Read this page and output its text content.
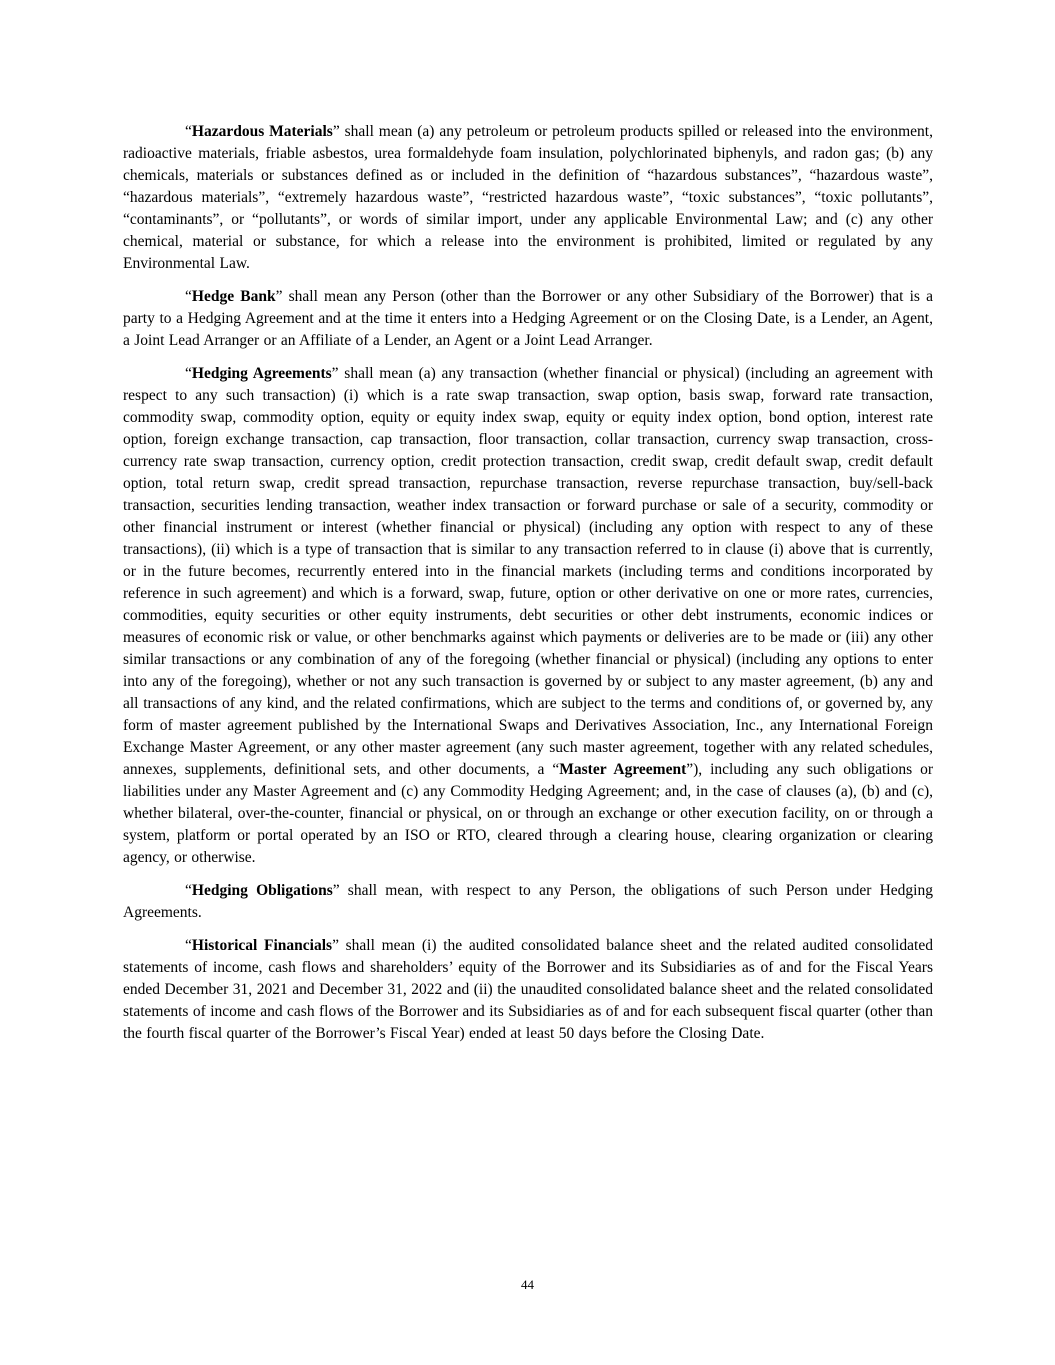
“Hazardous Materials” shall mean (a) any petroleum or petroleum products spilled or released into the environment, radioactive materials, friable asbestos, urea formaldehyde foam insulation, polychlorinated biphenyls, and radon gas; (b) any chemicals, materials or substances defined as or included in the definition of “hazardous substances”, “hazardous waste”, “hazardous materials”, “extremely hazardous waste”, “restricted hazardous waste”, “toxic substances”, “toxic pollutants”, “contaminants”, or “pollutants”, or words of similar import, under any applicable Environmental Law; and (c) any other chemical, material or substance, for which a release into the environment is prohibited, limited or regulated by any Environmental Law.

“Hedge Bank” shall mean any Person (other than the Borrower or any other Subsidiary of the Borrower) that is a party to a Hedging Agreement and at the time it enters into a Hedging Agreement or on the Closing Date, is a Lender, an Agent, a Joint Lead Arranger or an Affiliate of a Lender, an Agent or a Joint Lead Arranger.

“Hedging Agreements” shall mean (a) any transaction (whether financial or physical) (including an agreement with respect to any such transaction) (i) which is a rate swap transaction, swap option, basis swap, forward rate transaction, commodity swap, commodity option, equity or equity index swap, equity or equity index option, bond option, interest rate option, foreign exchange transaction, cap transaction, floor transaction, collar transaction, currency swap transaction, cross-currency rate swap transaction, currency option, credit protection transaction, credit swap, credit default swap, credit default option, total return swap, credit spread transaction, repurchase transaction, reverse repurchase transaction, buy/sell-back transaction, securities lending transaction, weather index transaction or forward purchase or sale of a security, commodity or other financial instrument or interest (whether financial or physical) (including any option with respect to any of these transactions), (ii) which is a type of transaction that is similar to any transaction referred to in clause (i) above that is currently, or in the future becomes, recurrently entered into in the financial markets (including terms and conditions incorporated by reference in such agreement) and which is a forward, swap, future, option or other derivative on one or more rates, currencies, commodities, equity securities or other equity instruments, debt securities or other debt instruments, economic indices or measures of economic risk or value, or other benchmarks against which payments or deliveries are to be made or (iii) any other similar transactions or any combination of any of the foregoing (whether financial or physical) (including any options to enter into any of the foregoing), whether or not any such transaction is governed by or subject to any master agreement, (b) any and all transactions of any kind, and the related confirmations, which are subject to the terms and conditions of, or governed by, any form of master agreement published by the International Swaps and Derivatives Association, Inc., any International Foreign Exchange Master Agreement, or any other master agreement (any such master agreement, together with any related schedules, annexes, supplements, definitional sets, and other documents, a “Master Agreement”), including any such obligations or liabilities under any Master Agreement and (c) any Commodity Hedging Agreement; and, in the case of clauses (a), (b) and (c), whether bilateral, over-the-counter, financial or physical, on or through an exchange or other execution facility, on or through a system, platform or portal operated by an ISO or RTO, cleared through a clearing house, clearing organization or clearing agency, or otherwise.

“Hedging Obligations” shall mean, with respect to any Person, the obligations of such Person under Hedging Agreements.

“Historical Financials” shall mean (i) the audited consolidated balance sheet and the related audited consolidated statements of income, cash flows and shareholders’ equity of the Borrower and its Subsidiaries as of and for the Fiscal Years ended December 31, 2021 and December 31, 2022 and (ii) the unaudited consolidated balance sheet and the related consolidated statements of income and cash flows of the Borrower and its Subsidiaries as of and for each subsequent fiscal quarter (other than the fourth fiscal quarter of the Borrower’s Fiscal Year) ended at least 50 days before the Closing Date.

44
